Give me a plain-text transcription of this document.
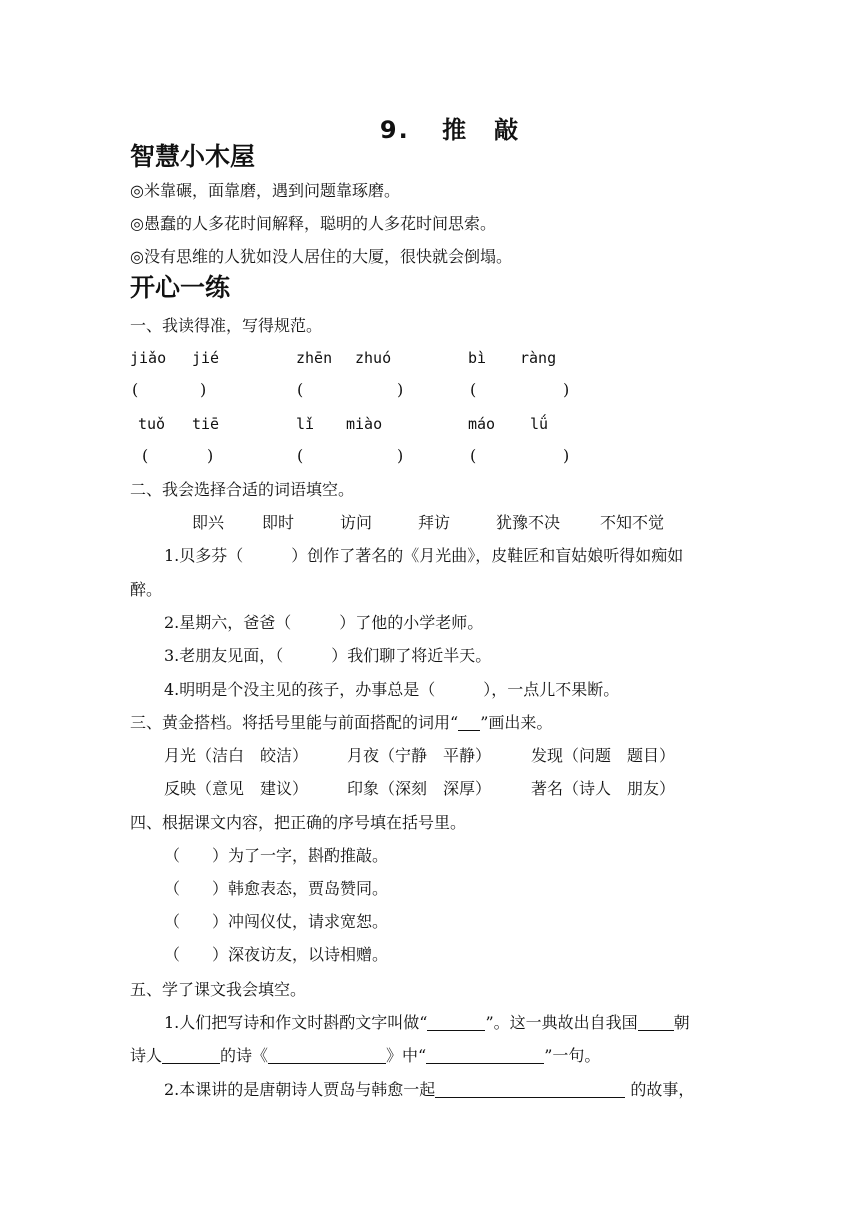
9. 推　敲
智慧小木屋
◎米靠碾，面靠磨，遇到问题靠琢磨。
◎愚蠢的人多花时间解释，聪明的人多花时间思索。
◎没有思维的人犹如没人居住的大厦，很快就会倒塌。
开心一练
一、我读得准，写得规范。
jiǎo jié	zhēn zhuó	bì ràng
(	)	(	)	(	)
tuǒ tiē	lǐ miào	máo lǘ
(	)	(	)	(	)
二、我会选择合适的词语填空。
即兴 即时	访问	拜访	犹豫不决 不知不觉
1.贝多芬（　　　）创作了著名的《月光曲》，皮鞋匠和盲姑娘听得如痴如
醉。
2.星期六，爸爸（　　　）了他的小学老师。
3.老朋友见面，（　　　）我们聊了将近半天。
4.明明是个没主见的孩子，办事总是（　　　），一点儿不果断。
三、黄金搭档。将括号里能与前面搭配的词用“ ”画出来。
月光（洁白　皎洁） 月夜（宁静　平静） 发现（问题　题目）
反映（意见　建议） 印象（深刻　深厚） 著名（诗人　朋友）
四、根据课文内容，把正确的序号填在括号里。
（　　）为了一字，斟酌推敲。
（　　）韩愈表态，贾岛赞同。
（　　）冲闯仪仗，请求宽恕。
（　　）深夜访友，以诗相赠。
五、学了课文我会填空。
1.人们把写诗和作文时斟酌文字叫做“	”。这一典故出自我国 朝
诗人	的诗《	》中“	”一句。
2.本课讲的是唐朝诗人贾岛与韩愈一起	的故事，
